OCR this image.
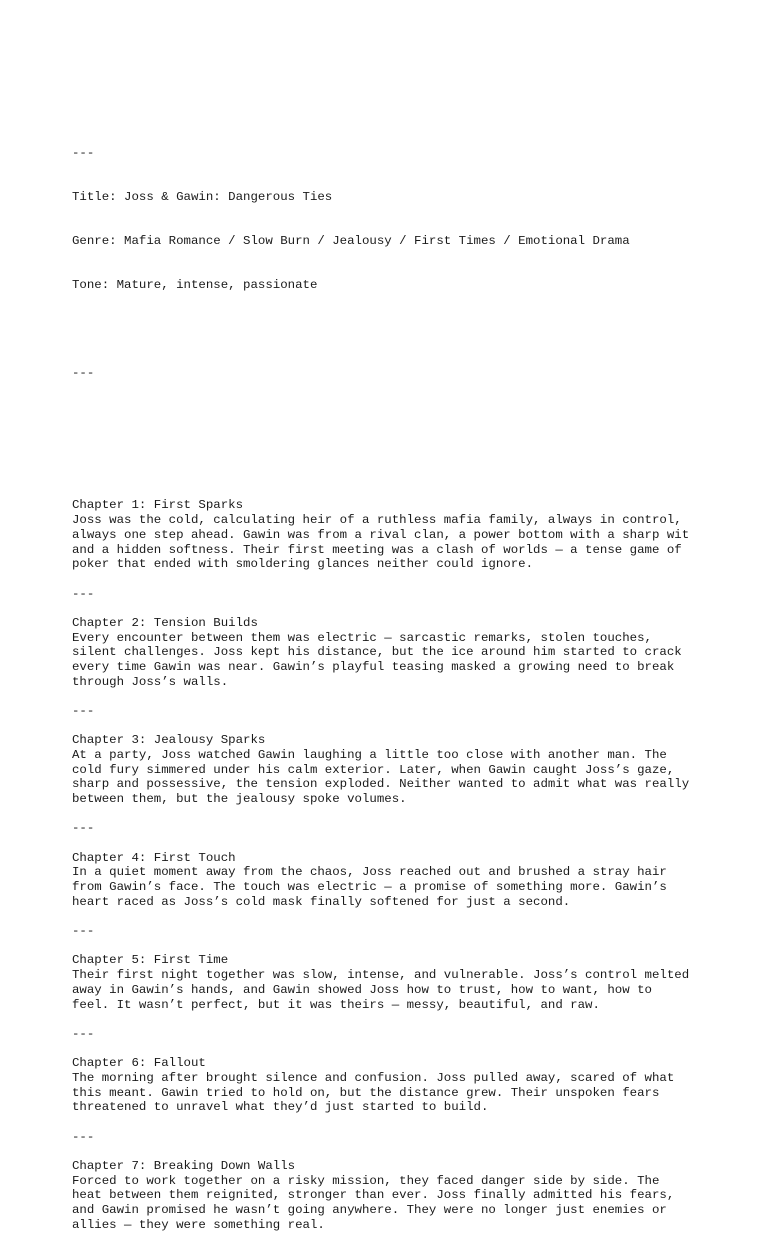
---

Title: Joss & Gawin: Dangerous Ties

Genre: Mafia Romance / Slow Burn / Jealousy / First Times / Emotional Drama

Tone: Mature, intense, passionate

---

Chapter 1: First Sparks
Joss was the cold, calculating heir of a ruthless mafia family, always in control,
always one step ahead. Gawin was from a rival clan, a power bottom with a sharp wit
and a hidden softness. Their first meeting was a clash of worlds — a tense game of
poker that ended with smoldering glances neither could ignore.
---
Chapter 2: Tension Builds
Every encounter between them was electric — sarcastic remarks, stolen touches,
silent challenges. Joss kept his distance, but the ice around him started to crack
every time Gawin was near. Gawin’s playful teasing masked a growing need to break
through Joss’s walls.
---
Chapter 3: Jealousy Sparks
At a party, Joss watched Gawin laughing a little too close with another man. The
cold fury simmered under his calm exterior. Later, when Gawin caught Joss’s gaze,
sharp and possessive, the tension exploded. Neither wanted to admit what was really
between them, but the jealousy spoke volumes.
---
Chapter 4: First Touch
In a quiet moment away from the chaos, Joss reached out and brushed a stray hair
from Gawin’s face. The touch was electric — a promise of something more. Gawin’s
heart raced as Joss’s cold mask finally softened for just a second.
---
Chapter 5: First Time
Their first night together was slow, intense, and vulnerable. Joss’s control melted
away in Gawin’s hands, and Gawin showed Joss how to trust, how to want, how to
feel. It wasn’t perfect, but it was theirs — messy, beautiful, and raw.
---
Chapter 6: Fallout
The morning after brought silence and confusion. Joss pulled away, scared of what
this meant. Gawin tried to hold on, but the distance grew. Their unspoken fears
threatened to unravel what they’d just started to build.
---
Chapter 7: Breaking Down Walls
Forced to work together on a risky mission, they faced danger side by side. The
heat between them reignited, stronger than ever. Joss finally admitted his fears,
and Gawin promised he wasn’t going anywhere. They were no longer just enemies or
allies — they were something real.
